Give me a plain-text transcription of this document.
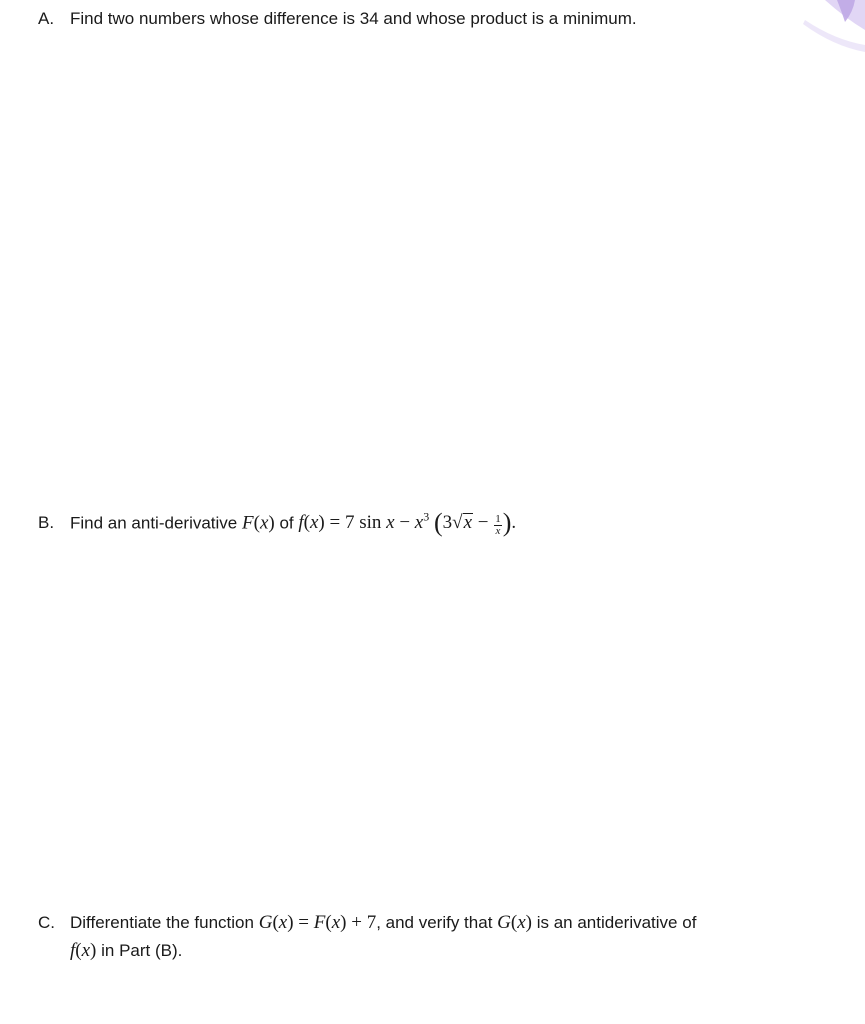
A. Find two numbers whose difference is 34 and whose product is a minimum.
B. Find an anti-derivative F(x) of f(x) = 7 $\sin x - x^3$ ($3√x - \frac{1}{x}$ ).
C. Differentiate the function G(x) = F(x) + 7, and verify that G(x) is an antiderivative of
f(x) in Part (B).
